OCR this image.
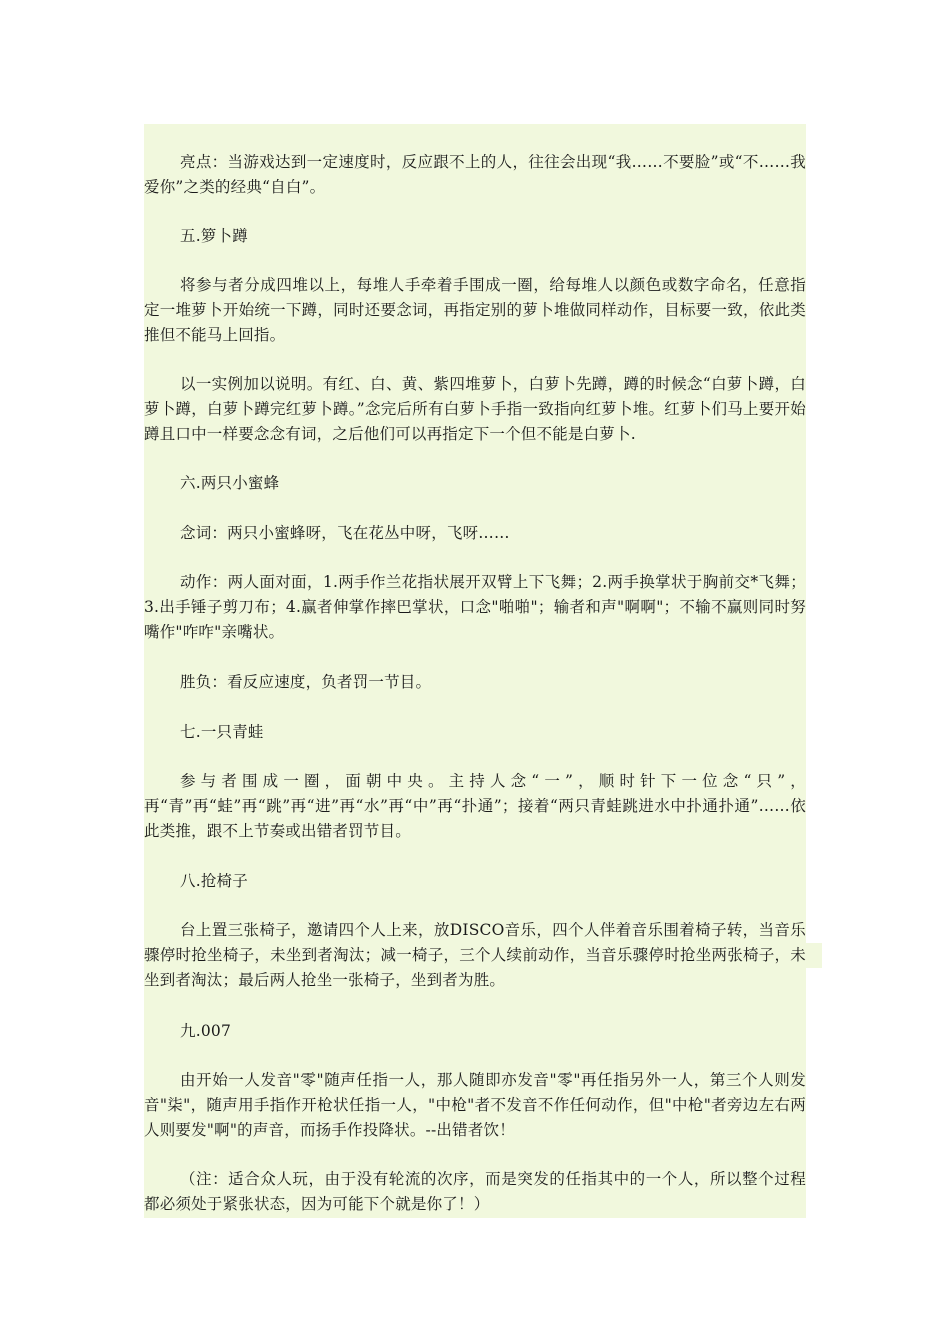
亮点：当游戏达到一定速度时，反应跟不上的人，往往会出现“我……不要脸”或“不……我爱你”之类的经典“自白”。

五.箩卜蹲

将参与者分成四堆以上，每堆人手牵着手围成一圈，给每堆人以颜色或数字命名，任意指定一堆萝卜开始统一下蹲，同时还要念词，再指定别的萝卜堆做同样动作，目标要一致，依此类推但不能马上回指。

以一实例加以说明。有红、白、黄、紫四堆萝卜，白萝卜先蹲，蹲的时候念“白萝卜蹲，白萝卜蹲，白萝卜蹲完红萝卜蹲。”念完后所有白萝卜手指一致指向红萝卜堆。红萝卜们马上要开始蹲且口中一样要念念有词，之后他们可以再指定下一个但不能是白萝卜.

六.两只小蜜蜂

念词：两只小蜜蜂呀，飞在花丛中呀，飞呀……

动作：两人面对面，1.两手作兰花指状展开双臂上下飞舞；2.两手换掌状于胸前交*飞舞；3.出手锤子剪刀布；4.赢者伸掌作摔巴掌状，口念"啪啪"；输者和声"啊啊"；不输不赢则同时努嘴作"咋咋"亲嘴状。

胜负：看反应速度，负者罚一节目。

七.一只青蛙

参与者围成一圈，面朝中央。主持人念“一”，顺时针下一位念“只”，再“青”再“蛙”再“跳”再“进”再“水”再“中”再“扑通”；接着“两只青蛙跳进水中扑通扑通”……依此类推，跟不上节奏或出错者罚节目。

八.抢椅子

台上置三张椅子，邀请四个人上来，放DISCO音乐，四个人伴着音乐围着椅子转，当音乐骤停时抢坐椅子，未坐到者淘汰；减一椅子，三个人续前动作，当音乐骤停时抢坐两张椅子，未坐到者淘汰；最后两人抢坐一张椅子，坐到者为胜。

九.007

由开始一人发音"零"随声任指一人，那人随即亦发音"零"再任指另外一人，第三个人则发音"柒"，随声用手指作开枪状任指一人，"中枪"者不发音不作任何动作，但"中枪"者旁边左右两人则要发"啊"的声音，而扬手作投降状。--出错者饮！

（注：适合众人玩，由于没有轮流的次序，而是突发的任指其中的一个人，所以整个过程都必须处于紧张状态，因为可能下个就是你了！）
